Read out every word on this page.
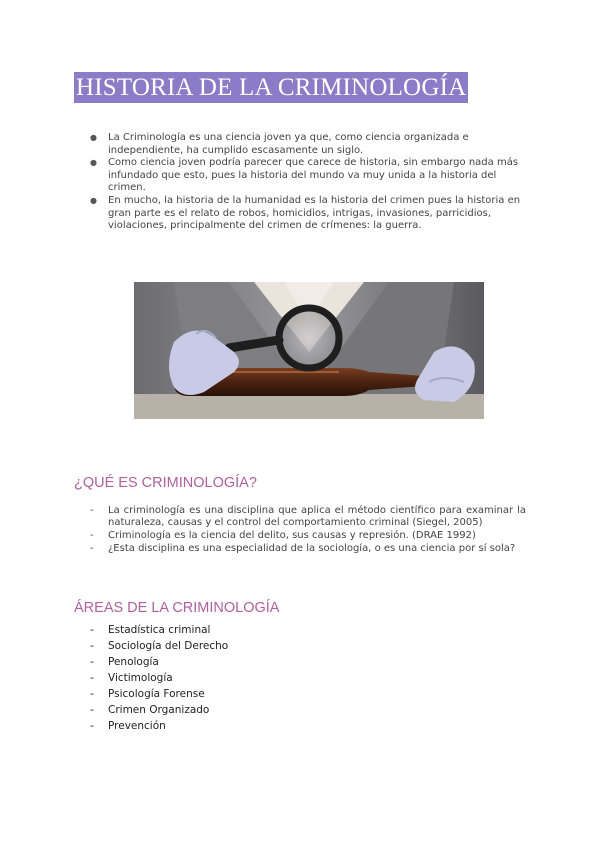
HISTORIA DE LA CRIMINOLOGÍA
● La Criminología es una ciencia joven ya que, como ciencia organizada e independiente, ha cumplido escasamente un siglo.
● Como ciencia joven podría parecer que carece de historia, sin embargo nada más infundado que esto, pues la historia del mundo va muy unida a la historia del crimen.
● En mucho, la historia de la humanidad es la historia del crimen pues la historia en gran parte es el relato de robos, homicidios, intrigas, invasiones, parricidios, violaciones, principalmente del crimen de crímenes: la guerra.
¿QUÉ ES CRIMINOLOGÍA?
- La criminología es una disciplina que aplica el método científico para examinar la naturaleza, causas y el control del comportamiento criminal (Siegel, 2005)
- Criminología es la ciencia del delito, sus causas y represión. (DRAE 1992)
- ¿Esta disciplina es una especialidad de la sociología, o es una ciencia por sí sola?
ÁREAS DE LA CRIMINOLOGÍA
- Estadística criminal
- Sociología del Derecho
- Penología
- Victimología
- Psicología Forense
- Crimen Organizado
- Prevención
